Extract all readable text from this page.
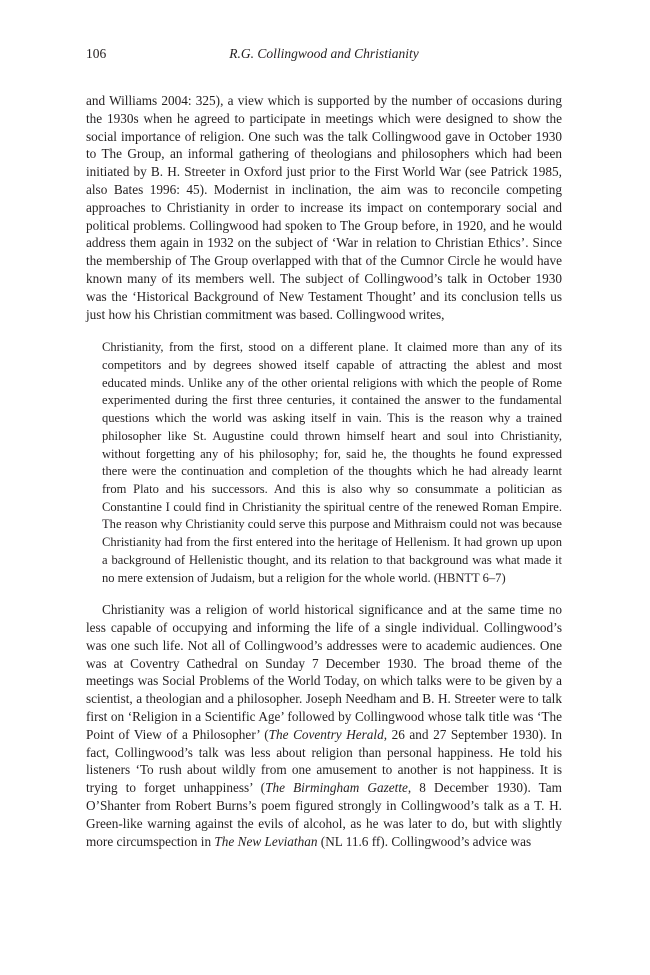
106	R.G. Collingwood and Christianity

and Williams 2004: 325), a view which is supported by the number of occasions during the 1930s when he agreed to participate in meetings which were designed to show the social importance of religion. One such was the talk Collingwood gave in October 1930 to The Group, an informal gathering of theologians and philosophers which had been initiated by B. H. Streeter in Oxford just prior to the First World War (see Patrick 1985, also Bates 1996: 45). Modernist in inclination, the aim was to reconcile competing approaches to Christianity in order to increase its impact on contemporary social and political problems. Collingwood had spoken to The Group before, in 1920, and he would address them again in 1932 on the subject of ‘War in relation to Christian Ethics’. Since the membership of The Group overlapped with that of the Cumnor Circle he would have known many of its members well. The subject of Collingwood’s talk in October 1930 was the ‘Historical Background of New Testament Thought’ and its conclusion tells us just how his Christian commitment was based. Collingwood writes,

Christianity, from the first, stood on a different plane. It claimed more than any of its competitors and by degrees showed itself capable of attracting the ablest and most educated minds. Unlike any of the other oriental religions with which the people of Rome experimented during the first three centuries, it contained the answer to the fundamental questions which the world was asking itself in vain. This is the reason why a trained philosopher like St. Augustine could thrown himself heart and soul into Christianity, without forgetting any of his philosophy; for, said he, the thoughts he found expressed there were the continuation and completion of the thoughts which he had already learnt from Plato and his successors. And this is also why so consummate a politician as Constantine I could find in Christianity the spiritual centre of the renewed Roman Empire. The reason why Christianity could serve this purpose and Mithraism could not was because Christianity had from the first entered into the heritage of Hellenism. It had grown up upon a background of Hellenistic thought, and its relation to that background was what made it no mere extension of Judaism, but a religion for the whole world. (HBNTT 6–7)

Christianity was a religion of world historical significance and at the same time no less capable of occupying and informing the life of a single individual. Collingwood’s was one such life. Not all of Collingwood’s addresses were to academic audiences. One was at Coventry Cathedral on Sunday 7 December 1930. The broad theme of the meetings was Social Problems of the World Today, on which talks were to be given by a scientist, a theologian and a philosopher. Joseph Needham and B. H. Streeter were to talk first on ‘Religion in a Scientific Age’ followed by Collingwood whose talk title was ‘The Point of View of a Philosopher’ (The Coventry Herald, 26 and 27 September 1930). In fact, Collingwood’s talk was less about religion than personal happiness. He told his listeners ‘To rush about wildly from one amusement to another is not happiness. It is trying to forget unhappiness’ (The Birmingham Gazette, 8 December 1930). Tam O’Shanter from Robert Burns’s poem figured strongly in Collingwood’s talk as a T. H. Green-like warning against the evils of alcohol, as he was later to do, but with slightly more circumspection in The New Leviathan (NL 11.6 ff). Collingwood’s advice was
